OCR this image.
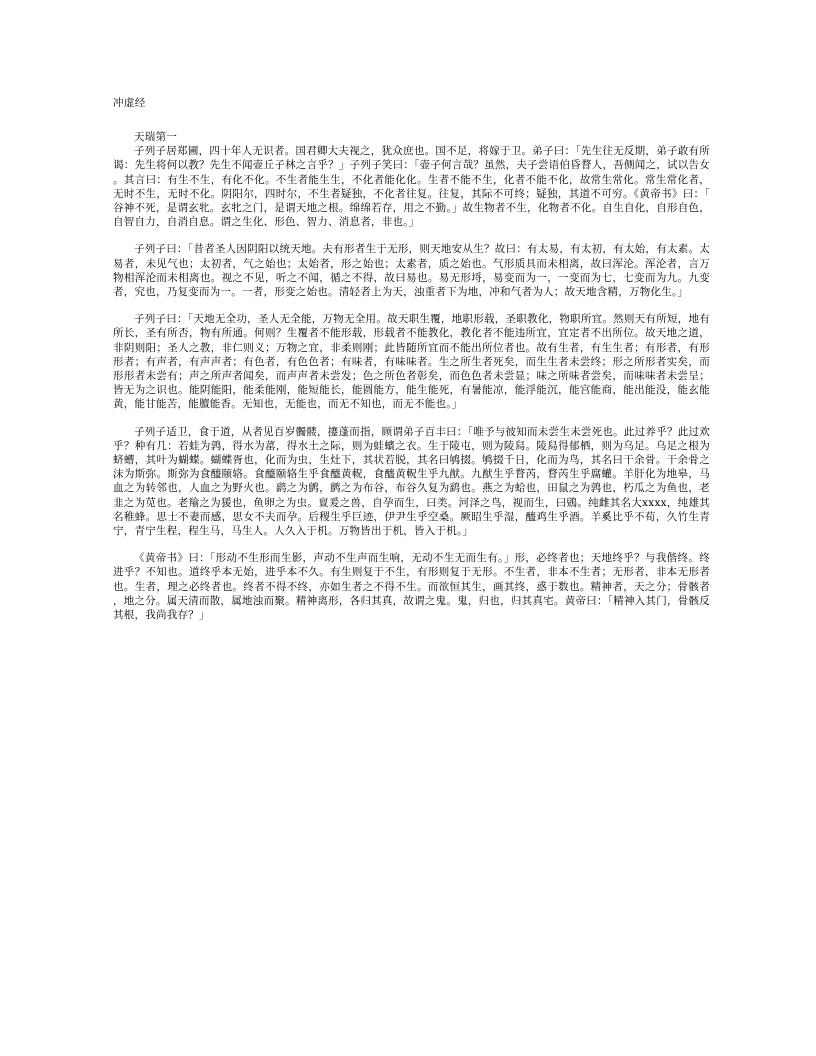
冲虚经
天瑞第一

子列子居郑圃，四十年人无识者。国君卿大夫视之，犹众庶也。国不足，将嫁于卫。弟子曰：「先生往无反期，弟子敢有所谒：先生将何以教？先生不闻壶丘子林之言乎？」子列子笑曰：「壶子何言哉？虽然，夫子尝语伯昏瞀人，吾侧闻之，试以告女。其言曰：有生不生，有化不化。不生者能生生，不化者能化化。生者不能不生，化者不能不化，故常生常化。常生常化者，无时不生，无时不化。阴阳尔，四时尔，不生者疑独，不化者往复。往复，其际不可终；疑独，其道不可穷。《黄帝书》曰：「谷神不死，是谓玄牝。玄牝之门，是谓天地之根。绵绵若存，用之不勤。」故生物者不生，化物者不化。自生自化，自形自色，自智自力，自消自息。谓之生化、形色、智力、消息者，非也。」

子列子曰：「昔者圣人因阴阳以统天地。夫有形者生于无形，则天地安从生？故曰：有太易，有太初，有太始，有太素。太易者，未见气也；太初者，气之始也；太始者，形之始也；太素者，质之始也。气形质具而未相离，故曰浑沦。浑沦者，言万物相浑沦而未相离也。视之不见，听之不闻，循之不得，故曰易也。易无形埒，易变而为一，一变而为七，七变而为九。九变者，究也，乃复变而为一。一者，形变之始也。清轻者上为天，浊重者下为地，冲和气者为人；故天地含精，万物化生。」

子列子曰：「天地无全功，圣人无全能，万物无全用。故天职生覆，地职形载，圣职教化，物职所宜。然则天有所短，地有所长，圣有所否，物有所通。何则？生覆者不能形载，形载者不能教化，教化者不能违所宜，宜定者不出所位。故天地之道，非阴则阳；圣人之教，非仁则义；万物之宜，非柔则刚；此皆随所宜而不能出所位者也。故有生者，有生生者；有形者，有形形者；有声者，有声声者；有色者，有色色者；有味者，有味味者。生之所生者死矣，而生生者未尝终；形之所形者实矣，而形形者未尝有；声之所声者闻矣，而声声者未尝发；色之所色者彰矣，而色色者未尝显；味之所味者尝矣，而味味者未尝呈；皆无为之识也。能阴能阳，能柔能刚，能短能长，能圆能方，能生能死，有暑能凉，能浮能沉，能宫能商，能出能没，能玄能黄，能甘能苦，能膻能香。无知也，无能也，而无不知也，而无不能也。」

子列子适卫，食于道，从者见百岁髑髅，攓蓬而指，顾谓弟子百丰曰：「唯予与彼知而未尝生未尝死也。此过养乎？此过欢乎？种有几：若蛙为鹑，得水为䔄，得水土之际，则为蛙蠙之衣。生于陵屯，则为陵舄。陵舄得郁栖，则为乌足。乌足之根为蛴螬，其叶为蝴蝶。蝴蝶胥也，化而为虫，生灶下，其状若脱，其名曰鸲掇。鸲掇千日，化而为鸟，其名曰干余骨。干余骨之沫为斯弥。斯弥为食醯颐辂。食醯颐辂生乎食醯黄軦，食醯黄軦生乎九猷。九猷生乎瞀芮，瞀芮生乎腐蠸。羊肝化为地皋，马血之为转邻也，人血之为野火也。鹞之为鹯，鹯之为布谷，布谷久复为鹞也。燕之为蛤也，田鼠之为鹑也，朽瓜之为鱼也，老韭之为苋也。老羭之为猨也，鱼卵之为虫。亶爰之兽，自孕而生，曰类。河泽之鸟，视而生，曰鶂。纯雌其名大xxxx，纯雄其名稚蜂。思士不妻而感，思女不夫而孕。后稷生乎巨迹，伊尹生乎空桑。厥昭生乎湿，醯鸡生乎酒。羊奚比乎不荀，久竹生青宁，青宁生程，程生马，马生人。人久入于机。万物皆出于机，皆入于机。」

《黄帝书》曰：「形动不生形而生影，声动不生声而生响，无动不生无而生有。」形，必终者也；天地终乎？与我偕终。终进乎？不知也。道终乎本无始，进乎本不久。有生则复于不生，有形则复于无形。不生者，非本不生者；无形者，非本无形者也。生者，理之必终者也。终者不得不终，亦如生者之不得不生。而欲恒其生，画其终，惑于数也。精神者，天之分；骨骸者，地之分。属天清而散，属地浊而聚。精神离形，各归其真，故谓之鬼。鬼，归也，归其真宅。黄帝曰：「精神入其门，骨骸反其根，我尚我存？」
